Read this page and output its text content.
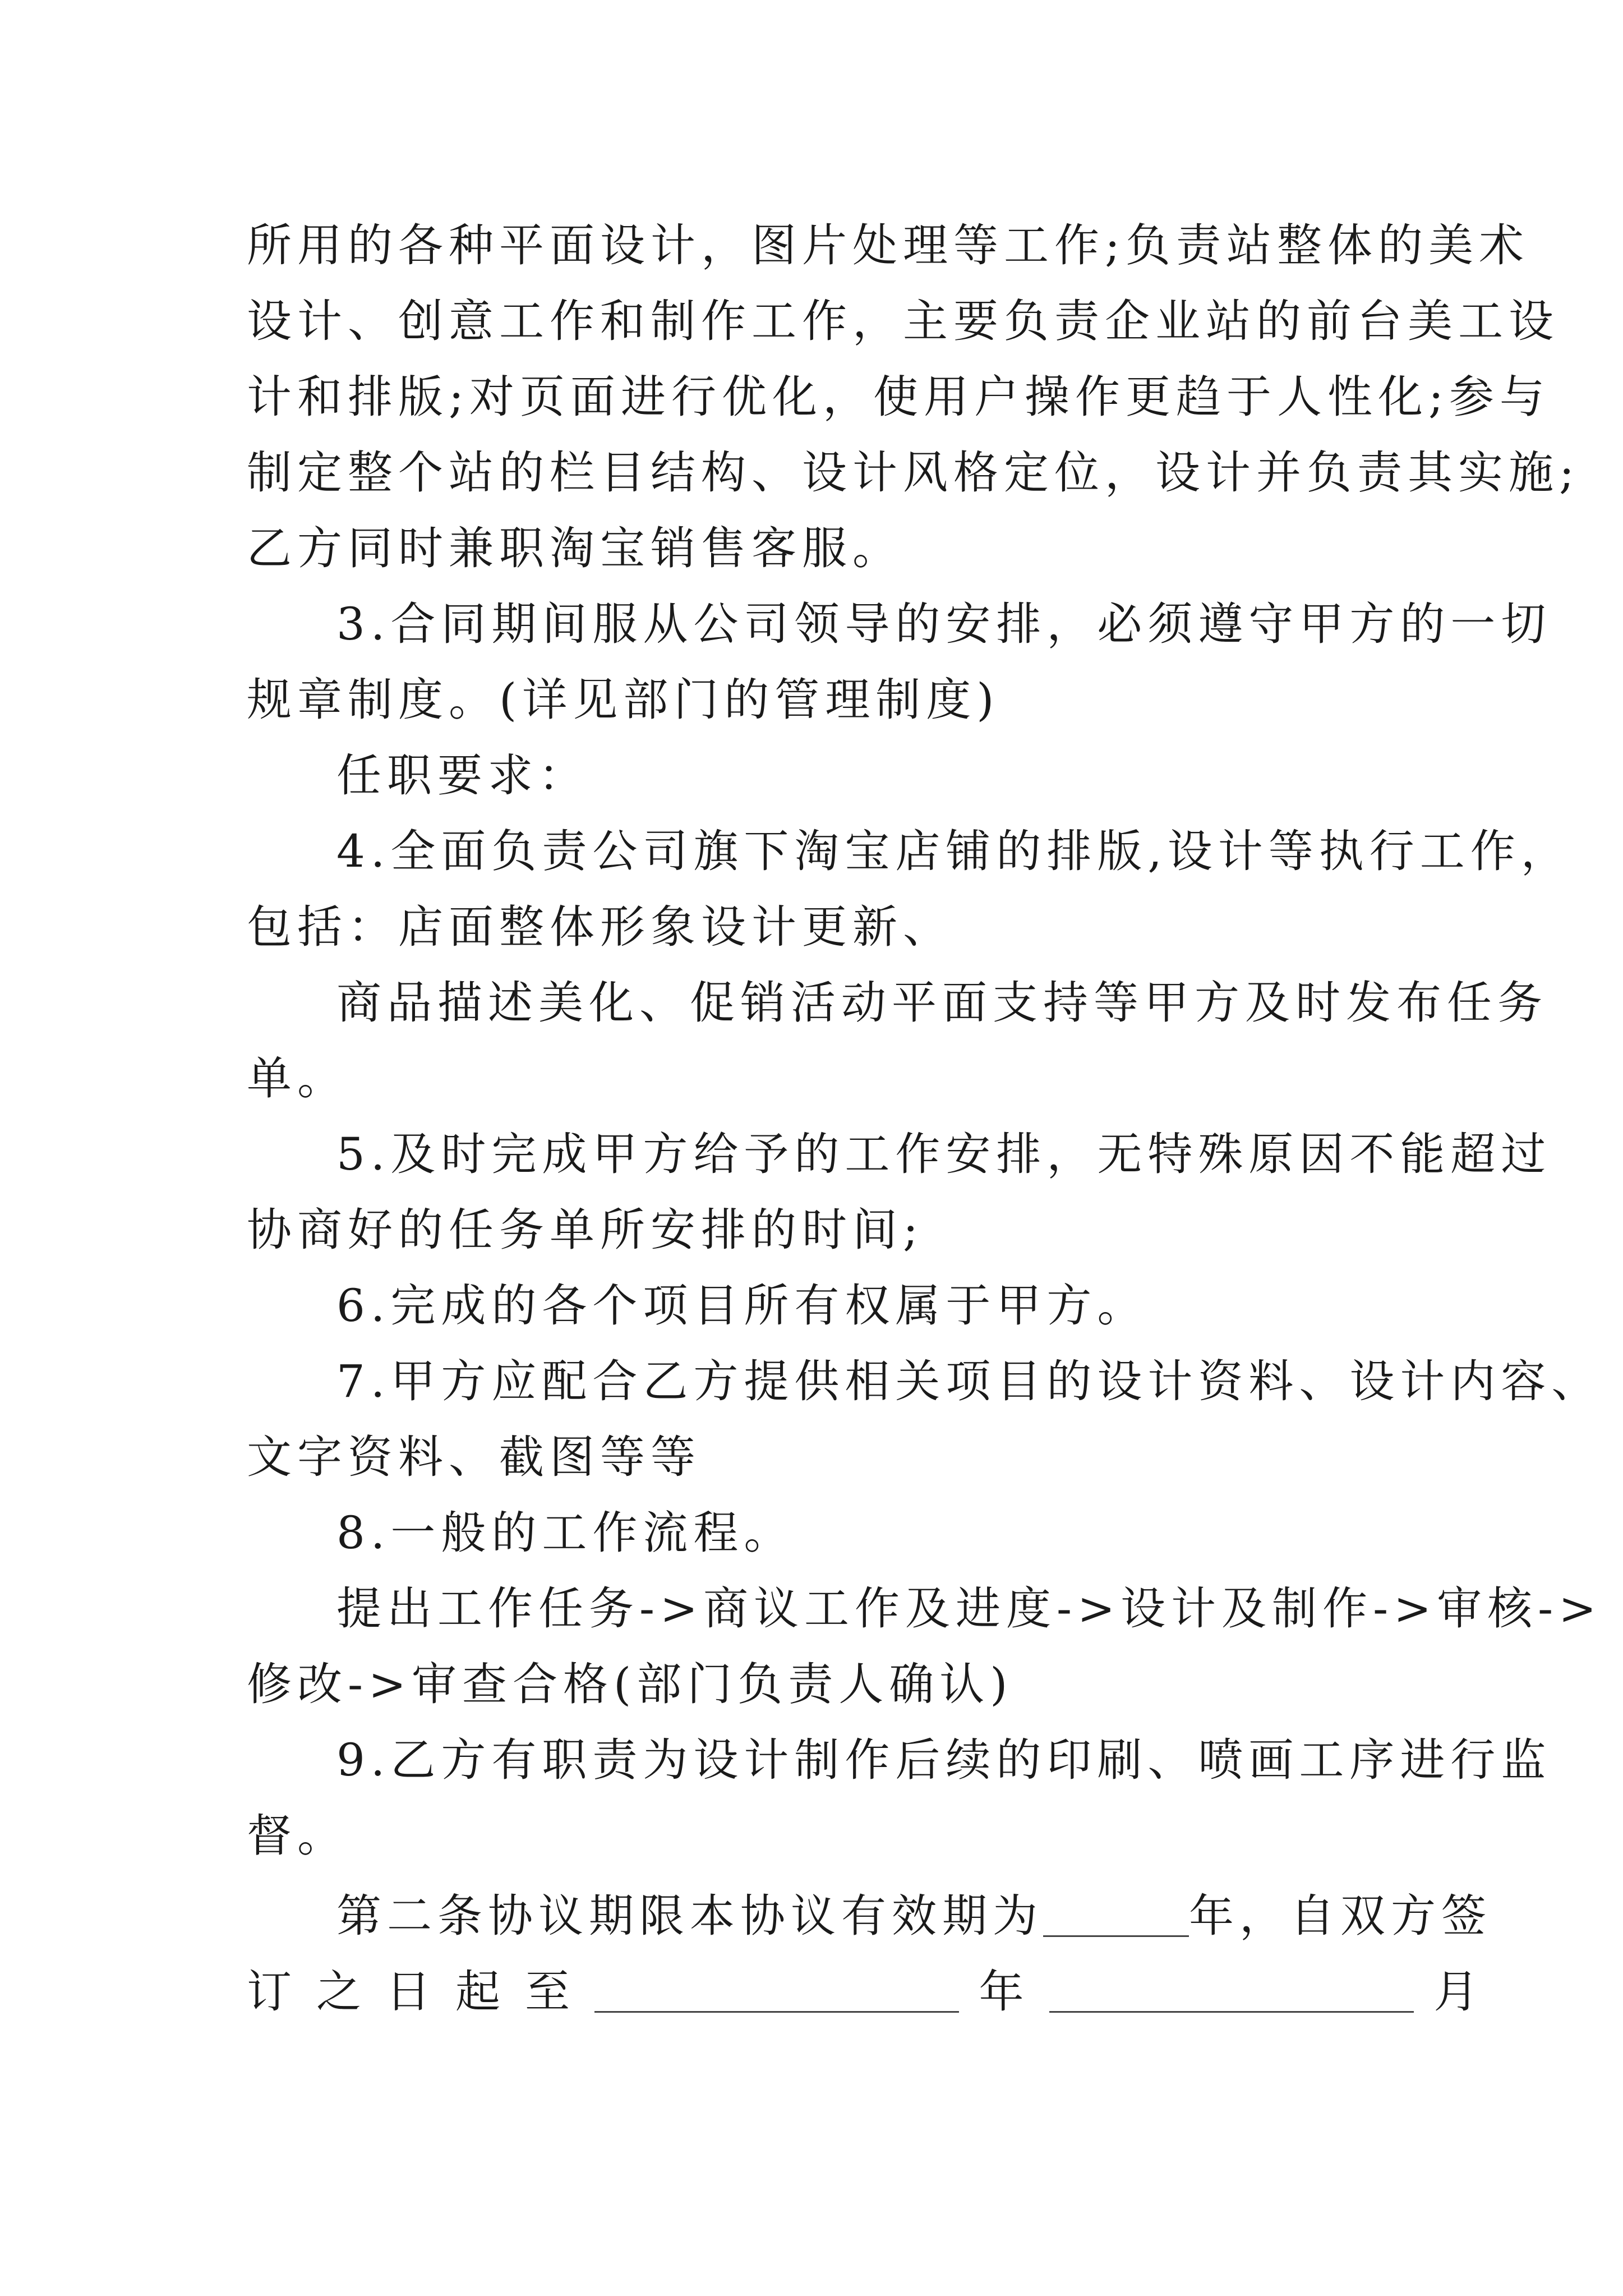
所用的各种平面设计，图片处理等工作;负责站整体的美术
设计、创意工作和制作工作，主要负责企业站的前台美工设
计和排版;对页面进行优化，使用户操作更趋于人性化;参与
制定整个站的栏目结构、设计风格定位，设计并负责其实施;
乙方同时兼职淘宝销售客服。
3.合同期间服从公司领导的安排，必须遵守甲方的一切
规章制度。(详见部门的管理制度)
任职要求：
4.全面负责公司旗下淘宝店铺的排版,设计等执行工作，
包括：店面整体形象设计更新、
商品描述美化、促销活动平面支持等甲方及时发布任务
单。
5.及时完成甲方给予的工作安排，无特殊原因不能超过
协商好的任务单所安排的时间;
6.完成的各个项目所有权属于甲方。
7.甲方应配合乙方提供相关项目的设计资料、设计内容、
文字资料、截图等等
8.一般的工作流程。
提出工作任务->商议工作及进度->设计及制作->审核->
修改->审查合格(部门负责人确认)
9.乙方有职责为设计制作后续的印刷、喷画工序进行监
督。
第二条协议期限本协议有效期为	年，自双方签
订之日起至	年	月
